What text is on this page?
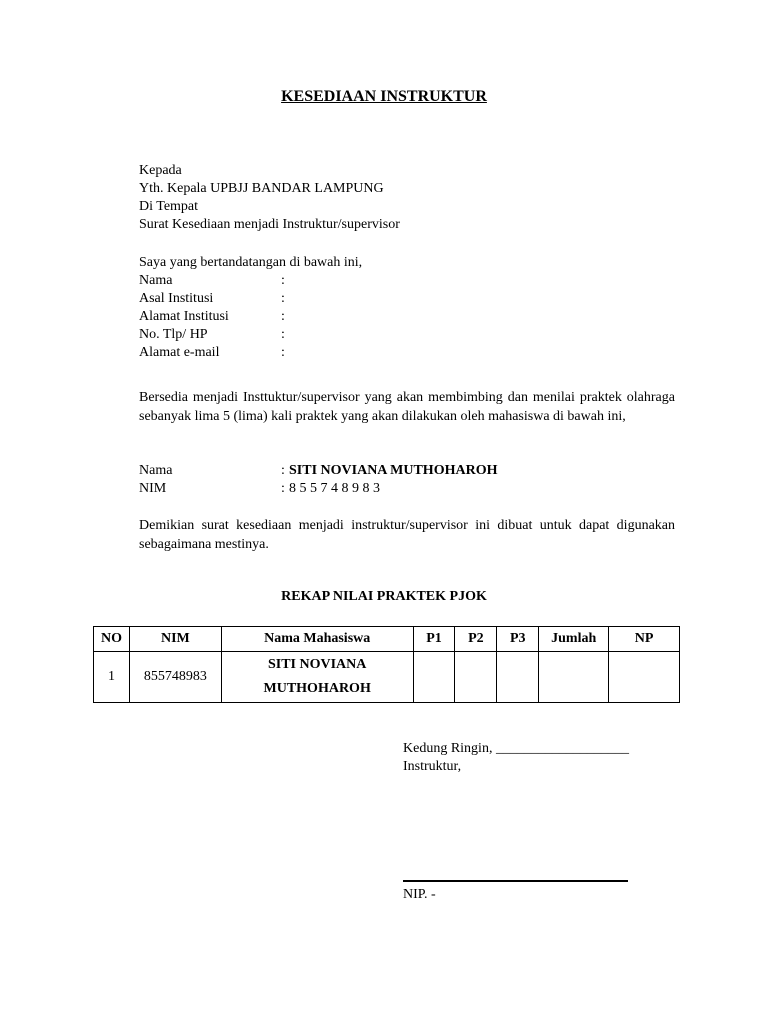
KESEDIAAN INSTRUKTUR
Kepada
Yth. Kepala UPBJJ BANDAR LAMPUNG
Di Tempat
Surat Kesediaan menjadi Instruktur/supervisor
Saya yang bertandatangan di bawah ini,
Nama	:
Asal Institusi	:
Alamat Institusi	:
No. Tlp/ HP	:
Alamat e-mail	:
Bersedia menjadi Insttuktur/supervisor yang akan membimbing dan menilai praktek olahraga sebanyak lima 5 (lima) kali praktek yang akan dilakukan oleh mahasiswa di bawah ini,
Nama	: SITI NOVIANA MUTHOHAROH
NIM	: 8 5 5 7 4 8 9 8 3
Demikian surat kesediaan menjadi instruktur/supervisor ini dibuat untuk dapat digunakan sebagaimana mestinya.
REKAP NILAI PRAKTEK PJOK
NO	NIM	Nama Mahasiswa	P1	P2	P3	Jumlah	NP
1	855748983	SITI NOVIANA
MUTHOHAROH					

Kedung Ringin, ___________________
Instruktur,
NIP. -
